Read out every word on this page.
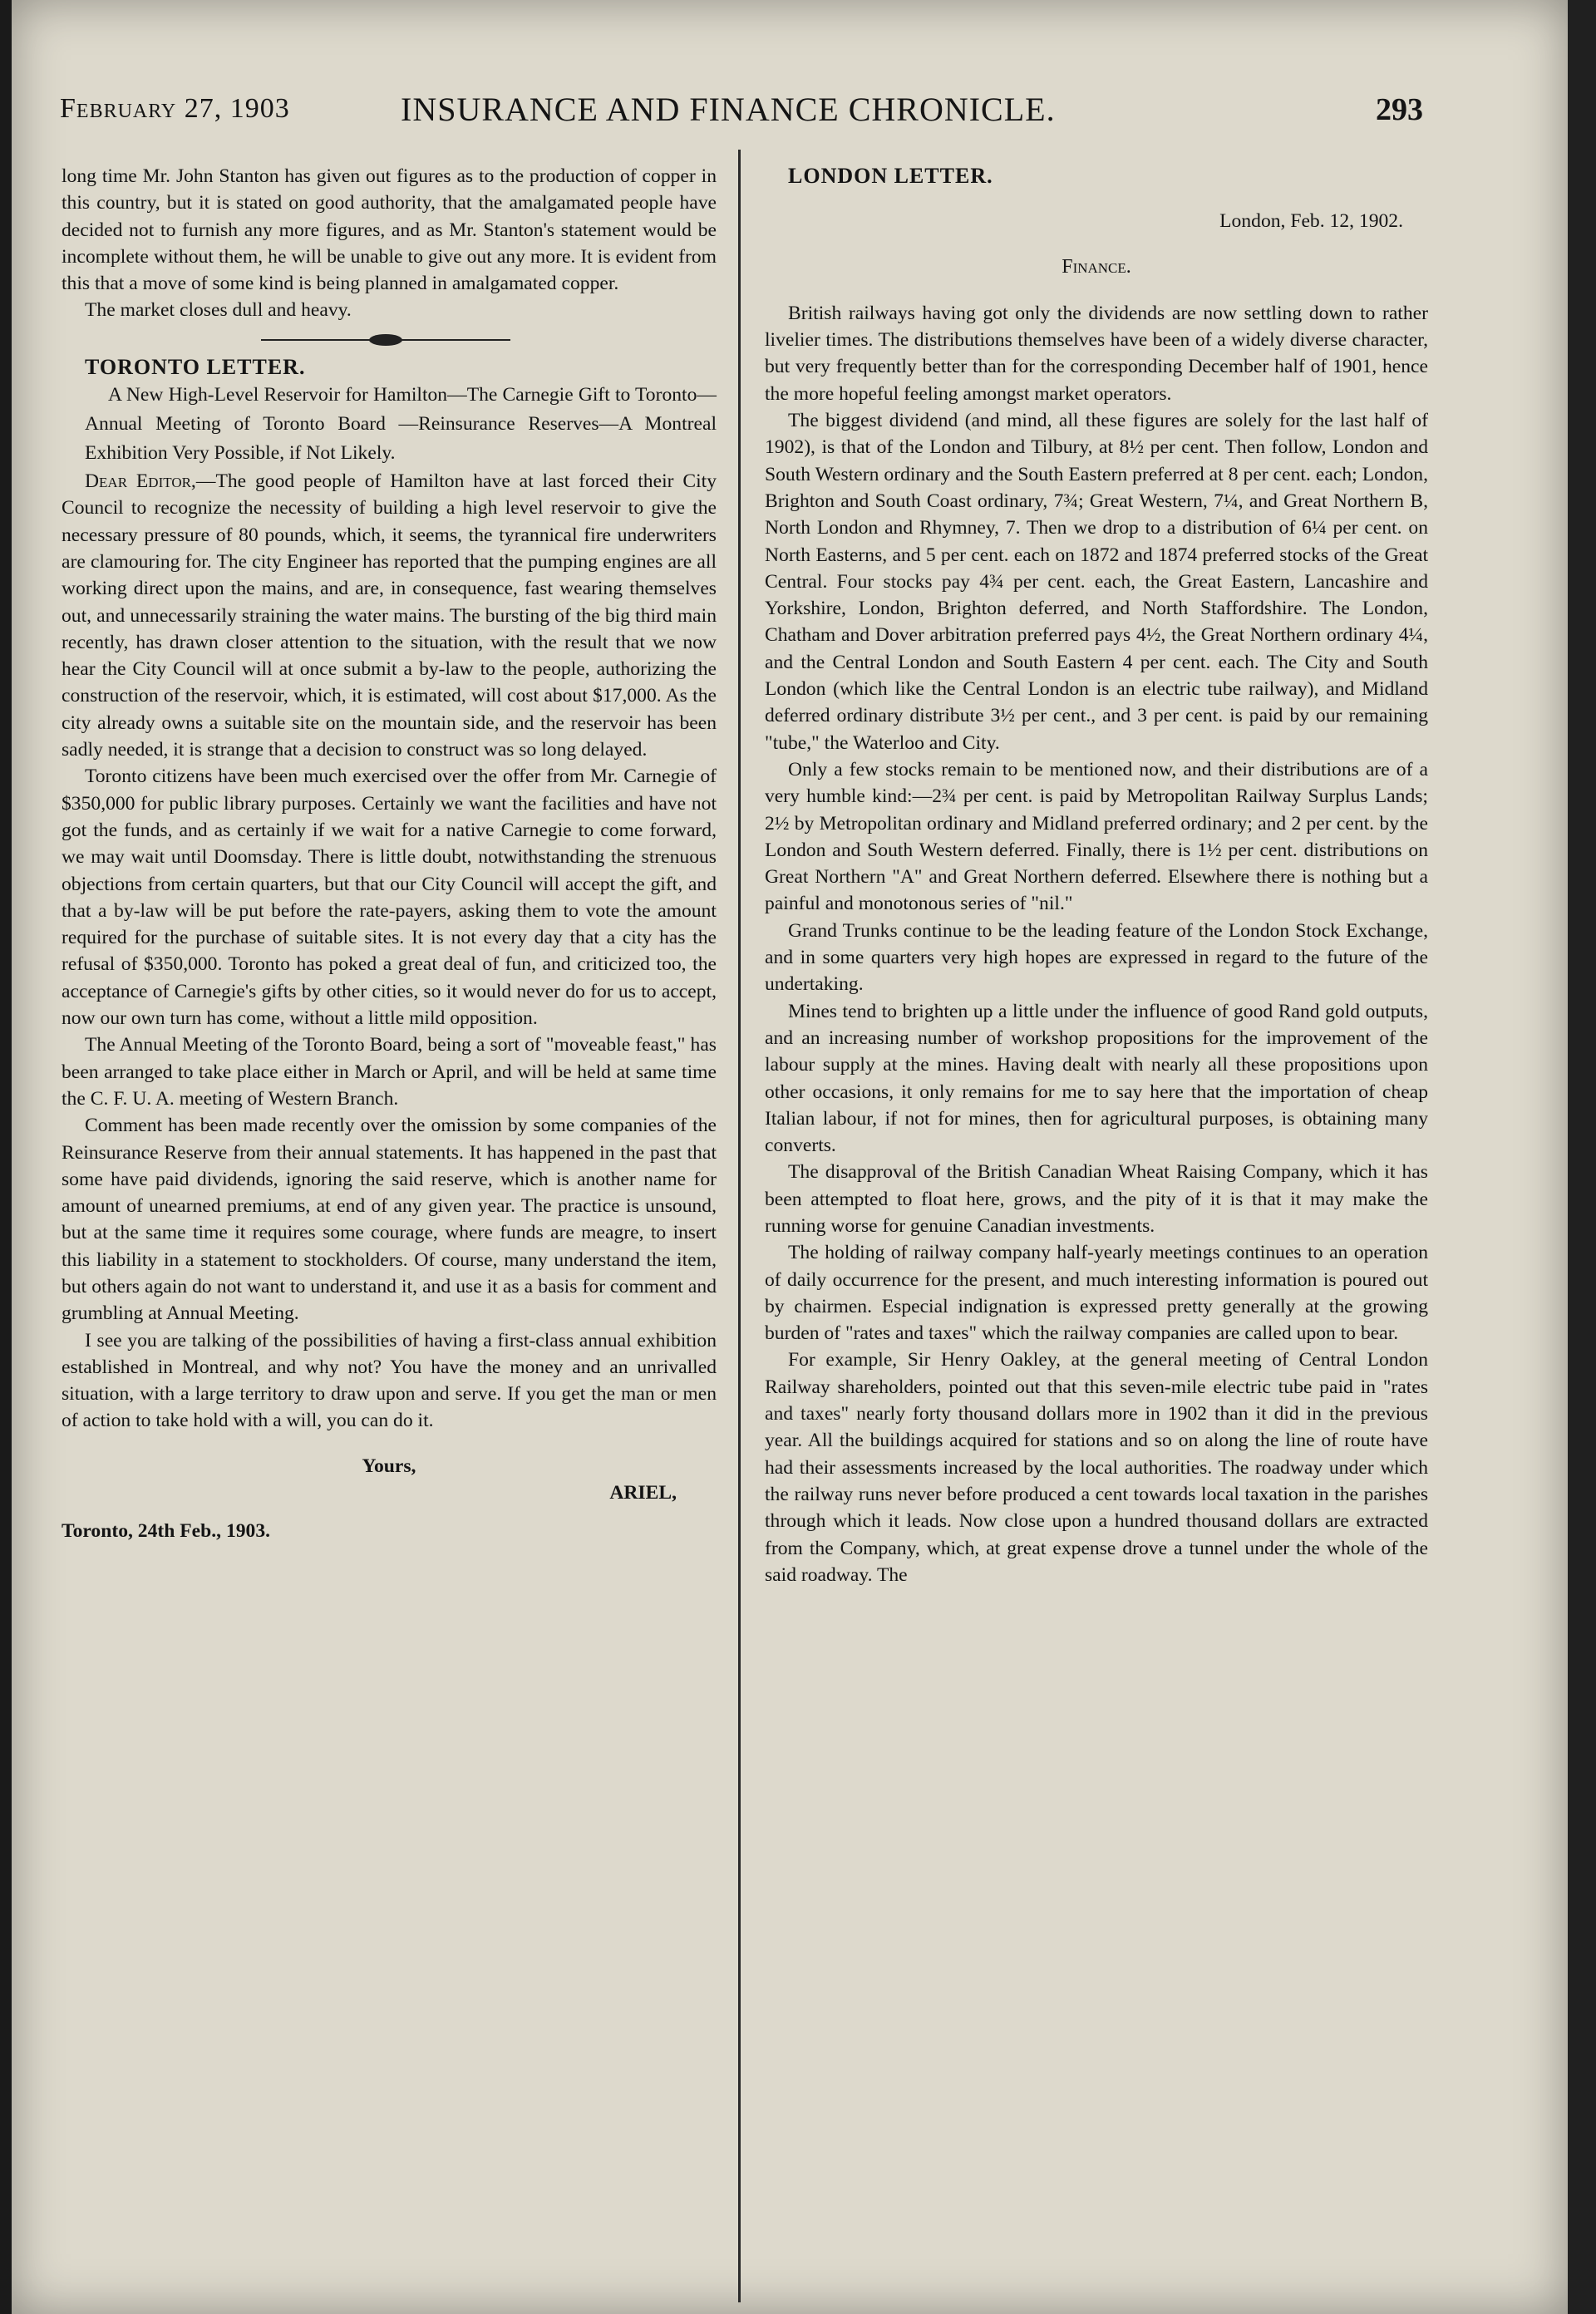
February 27, 1903	INSURANCE AND FINANCE CHRONICLE.	293

long time Mr. John Stanton has given out figures as to the production of copper in this country, but it is stated on good authority, that the amalgamated people have decided not to furnish any more figures, and as Mr. Stanton's statement would be incomplete without them, he will be unable to give out any more. It is evident from this that a move of some kind is being planned in amalgamated copper.

The market closes dull and heavy.

TORONTO LETTER.

A New High-Level Reservoir for Hamilton—The Carnegie Gift to Toronto—Annual Meeting of Toronto Board —Reinsurance Reserves—A Montreal Exhibition Very Possible, if Not Likely.

Dear Editor,—The good people of Hamilton have at last forced their City Council to recognize the necessity of building a high level reservoir to give the necessary pressure of 80 pounds, which, it seems, the tyrannical fire underwriters are clamouring for. The city Engineer has reported that the pumping engines are all working direct upon the mains, and are, in consequence, fast wearing themselves out, and unnecessarily straining the water mains. The bursting of the big third main recently, has drawn closer attention to the situation, with the result that we now hear the City Council will at once submit a by-law to the people, authorizing the construction of the reservoir, which, it is estimated, will cost about $17,000. As the city already owns a suitable site on the mountain side, and the reservoir has been sadly needed, it is strange that a decision to construct was so long delayed.

Toronto citizens have been much exercised over the offer from Mr. Carnegie of $350,000 for public library purposes. Certainly we want the facilities and have not got the funds, and as certainly if we wait for a native Carnegie to come forward, we may wait until Doomsday. There is little doubt, notwithstanding the strenuous objections from certain quarters, but that our City Council will accept the gift, and that a by-law will be put before the rate-payers, asking them to vote the amount required for the purchase of suitable sites. It is not every day that a city has the refusal of $350,000. Toronto has poked a great deal of fun, and criticized too, the acceptance of Carnegie's gifts by other cities, so it would never do for us to accept, now our own turn has come, without a little mild opposition.

The Annual Meeting of the Toronto Board, being a sort of "moveable feast," has been arranged to take place either in March or April, and will be held at same time the C. F. U. A. meeting of Western Branch.

Comment has been made recently over the omission by some companies of the Reinsurance Reserve from their annual statements. It has happened in the past that some have paid dividends, ignoring the said reserve, which is another name for amount of unearned premiums, at end of any given year. The practice is unsound, but at the same time it requires some courage, where funds are meagre, to insert this liability in a statement to stockholders. Of course, many understand the item, but others again do not want to understand it, and use it as a basis for comment and grumbling at Annual Meeting.

I see you are talking of the possibilities of having a first-class annual exhibition established in Montreal, and why not? You have the money and an unrivalled situation, with a large territory to draw upon and serve. If you get the man or men of action to take hold with a will, you can do it.

Yours,
ARIEL,
Toronto, 24th Feb., 1903.

LONDON LETTER.

London, Feb. 12, 1902.
Finance.

British railways having got only the dividends are now settling down to rather livelier times. The distributions themselves have been of a widely diverse character, but very frequently better than for the corresponding December half of 1901, hence the more hopeful feeling amongst market operators.

The biggest dividend (and mind, all these figures are solely for the last half of 1902), is that of the London and Tilbury, at 8½ per cent. Then follow, London and South Western ordinary and the South Eastern preferred at 8 per cent. each; London, Brighton and South Coast ordinary, 7¾; Great Western, 7¼, and Great Northern B, North London and Rhymney, 7. Then we drop to a distribution of 6¼ per cent. on North Easterns, and 5 per cent. each on 1872 and 1874 preferred stocks of the Great Central. Four stocks pay 4¾ per cent. each, the Great Eastern, Lancashire and Yorkshire, London, Brighton deferred, and North Staffordshire. The London, Chatham and Dover arbitration preferred pays 4½, the Great Northern ordinary 4¼, and the Central London and South Eastern 4 per cent. each. The City and South London (which like the Central London is an electric tube railway), and Midland deferred ordinary distribute 3½ per cent., and 3 per cent. is paid by our remaining "tube," the Waterloo and City.

Only a few stocks remain to be mentioned now, and their distributions are of a very humble kind:—2¾ per cent. is paid by Metropolitan Railway Surplus Lands; 2½ by Metropolitan ordinary and Midland preferred ordinary; and 2 per cent. by the London and South Western deferred. Finally, there is 1½ per cent. distributions on Great Northern "A" and Great Northern deferred. Elsewhere there is nothing but a painful and monotonous series of "nil."

Grand Trunks continue to be the leading feature of the London Stock Exchange, and in some quarters very high hopes are expressed in regard to the future of the undertaking.

Mines tend to brighten up a little under the influence of good Rand gold outputs, and an increasing number of workshop propositions for the improvement of the labour supply at the mines. Having dealt with nearly all these propositions upon other occasions, it only remains for me to say here that the importation of cheap Italian labour, if not for mines, then for agricultural purposes, is obtaining many converts.

The disapproval of the British Canadian Wheat Raising Company, which it has been attempted to float here, grows, and the pity of it is that it may make the running worse for genuine Canadian investments.

The holding of railway company half-yearly meetings continues to an operation of daily occurrence for the present, and much interesting information is poured out by chairmen. Especial indignation is expressed pretty generally at the growing burden of "rates and taxes" which the railway companies are called upon to bear.

For example, Sir Henry Oakley, at the general meeting of Central London Railway shareholders, pointed out that this seven-mile electric tube paid in "rates and taxes" nearly forty thousand dollars more in 1902 than it did in the previous year. All the buildings acquired for stations and so on along the line of route have had their assessments increased by the local authorities. The roadway under which the railway runs never before produced a cent towards local taxation in the parishes through which it leads. Now close upon a hundred thousand dollars are extracted from the Company, which, at great expense drove a tunnel under the whole of the said roadway. The
